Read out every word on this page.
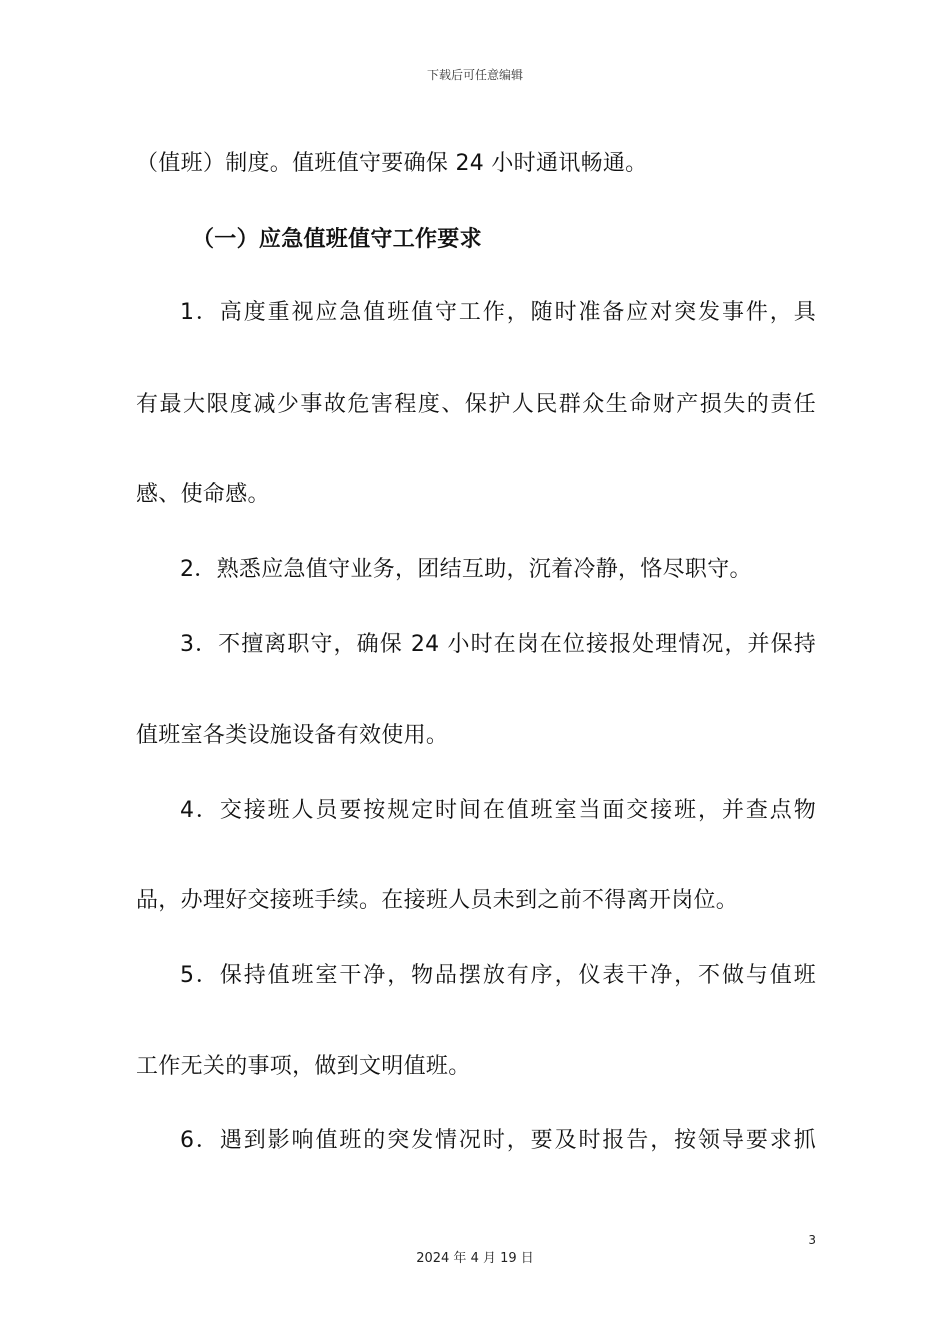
下载后可任意编辑
（值班）制度。值班值守要确保 24 小时通讯畅通。
（一）应急值班值守工作要求
1．高度重视应急值班值守工作，随时准备应对突发事件，具
有最大限度减少事故危害程度、保护人民群众生命财产损失的责任
感、使命感。
2．熟悉应急值守业务，团结互助，沉着冷静，恪尽职守。
3．不擅离职守，确保 24 小时在岗在位接报处理情况，并保持
值班室各类设施设备有效使用。
4．交接班人员要按规定时间在值班室当面交接班，并查点物
品，办理好交接班手续。在接班人员未到之前不得离开岗位。
5．保持值班室干净，物品摆放有序，仪表干净，不做与值班
工作无关的事项，做到文明值班。
6．遇到影响值班的突发情况时，要及时报告，按领导要求抓
3
2024 年 4 月 19 日
